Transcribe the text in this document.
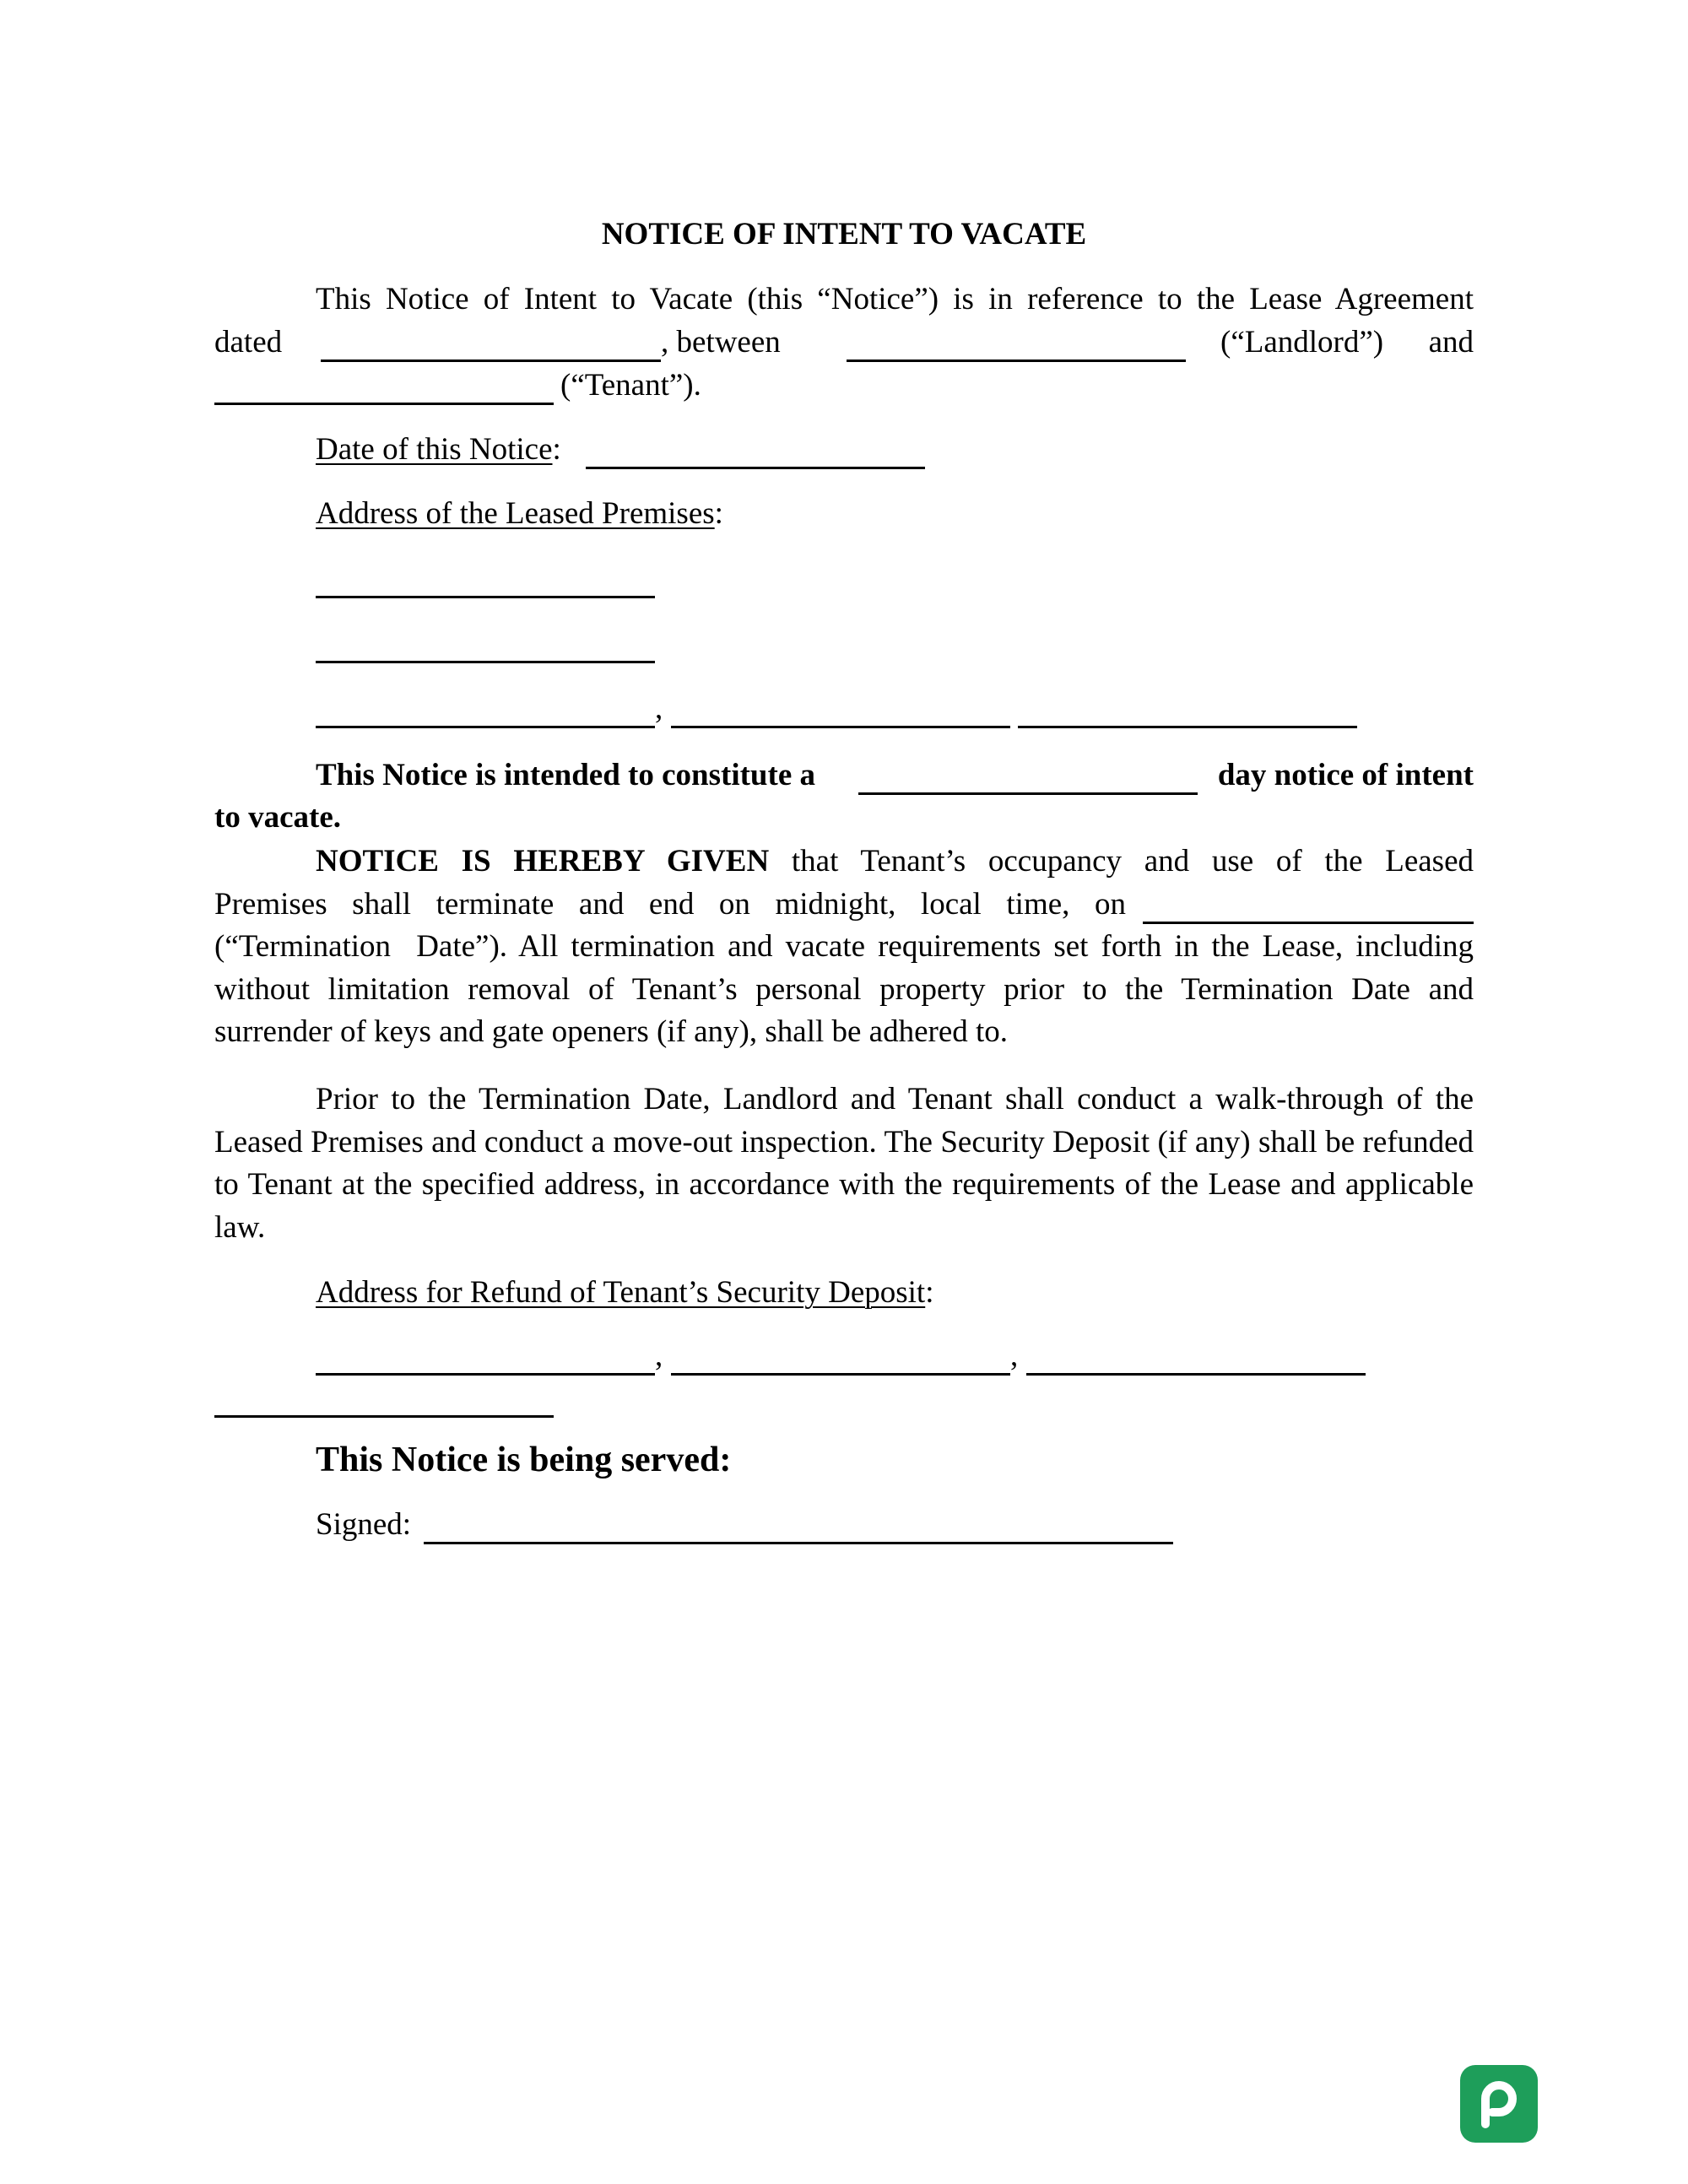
NOTICE OF INTENT TO VACATE

This Notice of Intent to Vacate (this “Notice”) is in reference to the Lease Agreement
dated	, between	(“Landlord”) and
(“Tenant”).
Date of this Notice:
Address of the Leased Premises:
,
This Notice is intended to constitute a	day notice of intent
to vacate.
NOTICE IS HEREBY GIVEN that Tenant’s occupancy and use of the Leased
Premises shall terminate and end on midnight, local time, on

(“Termination  Date”). All termination and vacate requirements set forth in the Lease, including without limitation removal of Tenant’s personal property prior to the Termination Date and surrender of keys and gate openers (if any), shall be adhered to.

Prior to the Termination Date, Landlord and Tenant shall conduct a walk-through of the Leased Premises and conduct a move-out inspection. The Security Deposit (if any) shall be refunded to Tenant at the specified address, in accordance with the requirements of the Lease and applicable law.

Address for Refund of Tenant’s Security Deposit:
,	,
This Notice is being served:
Signed:
